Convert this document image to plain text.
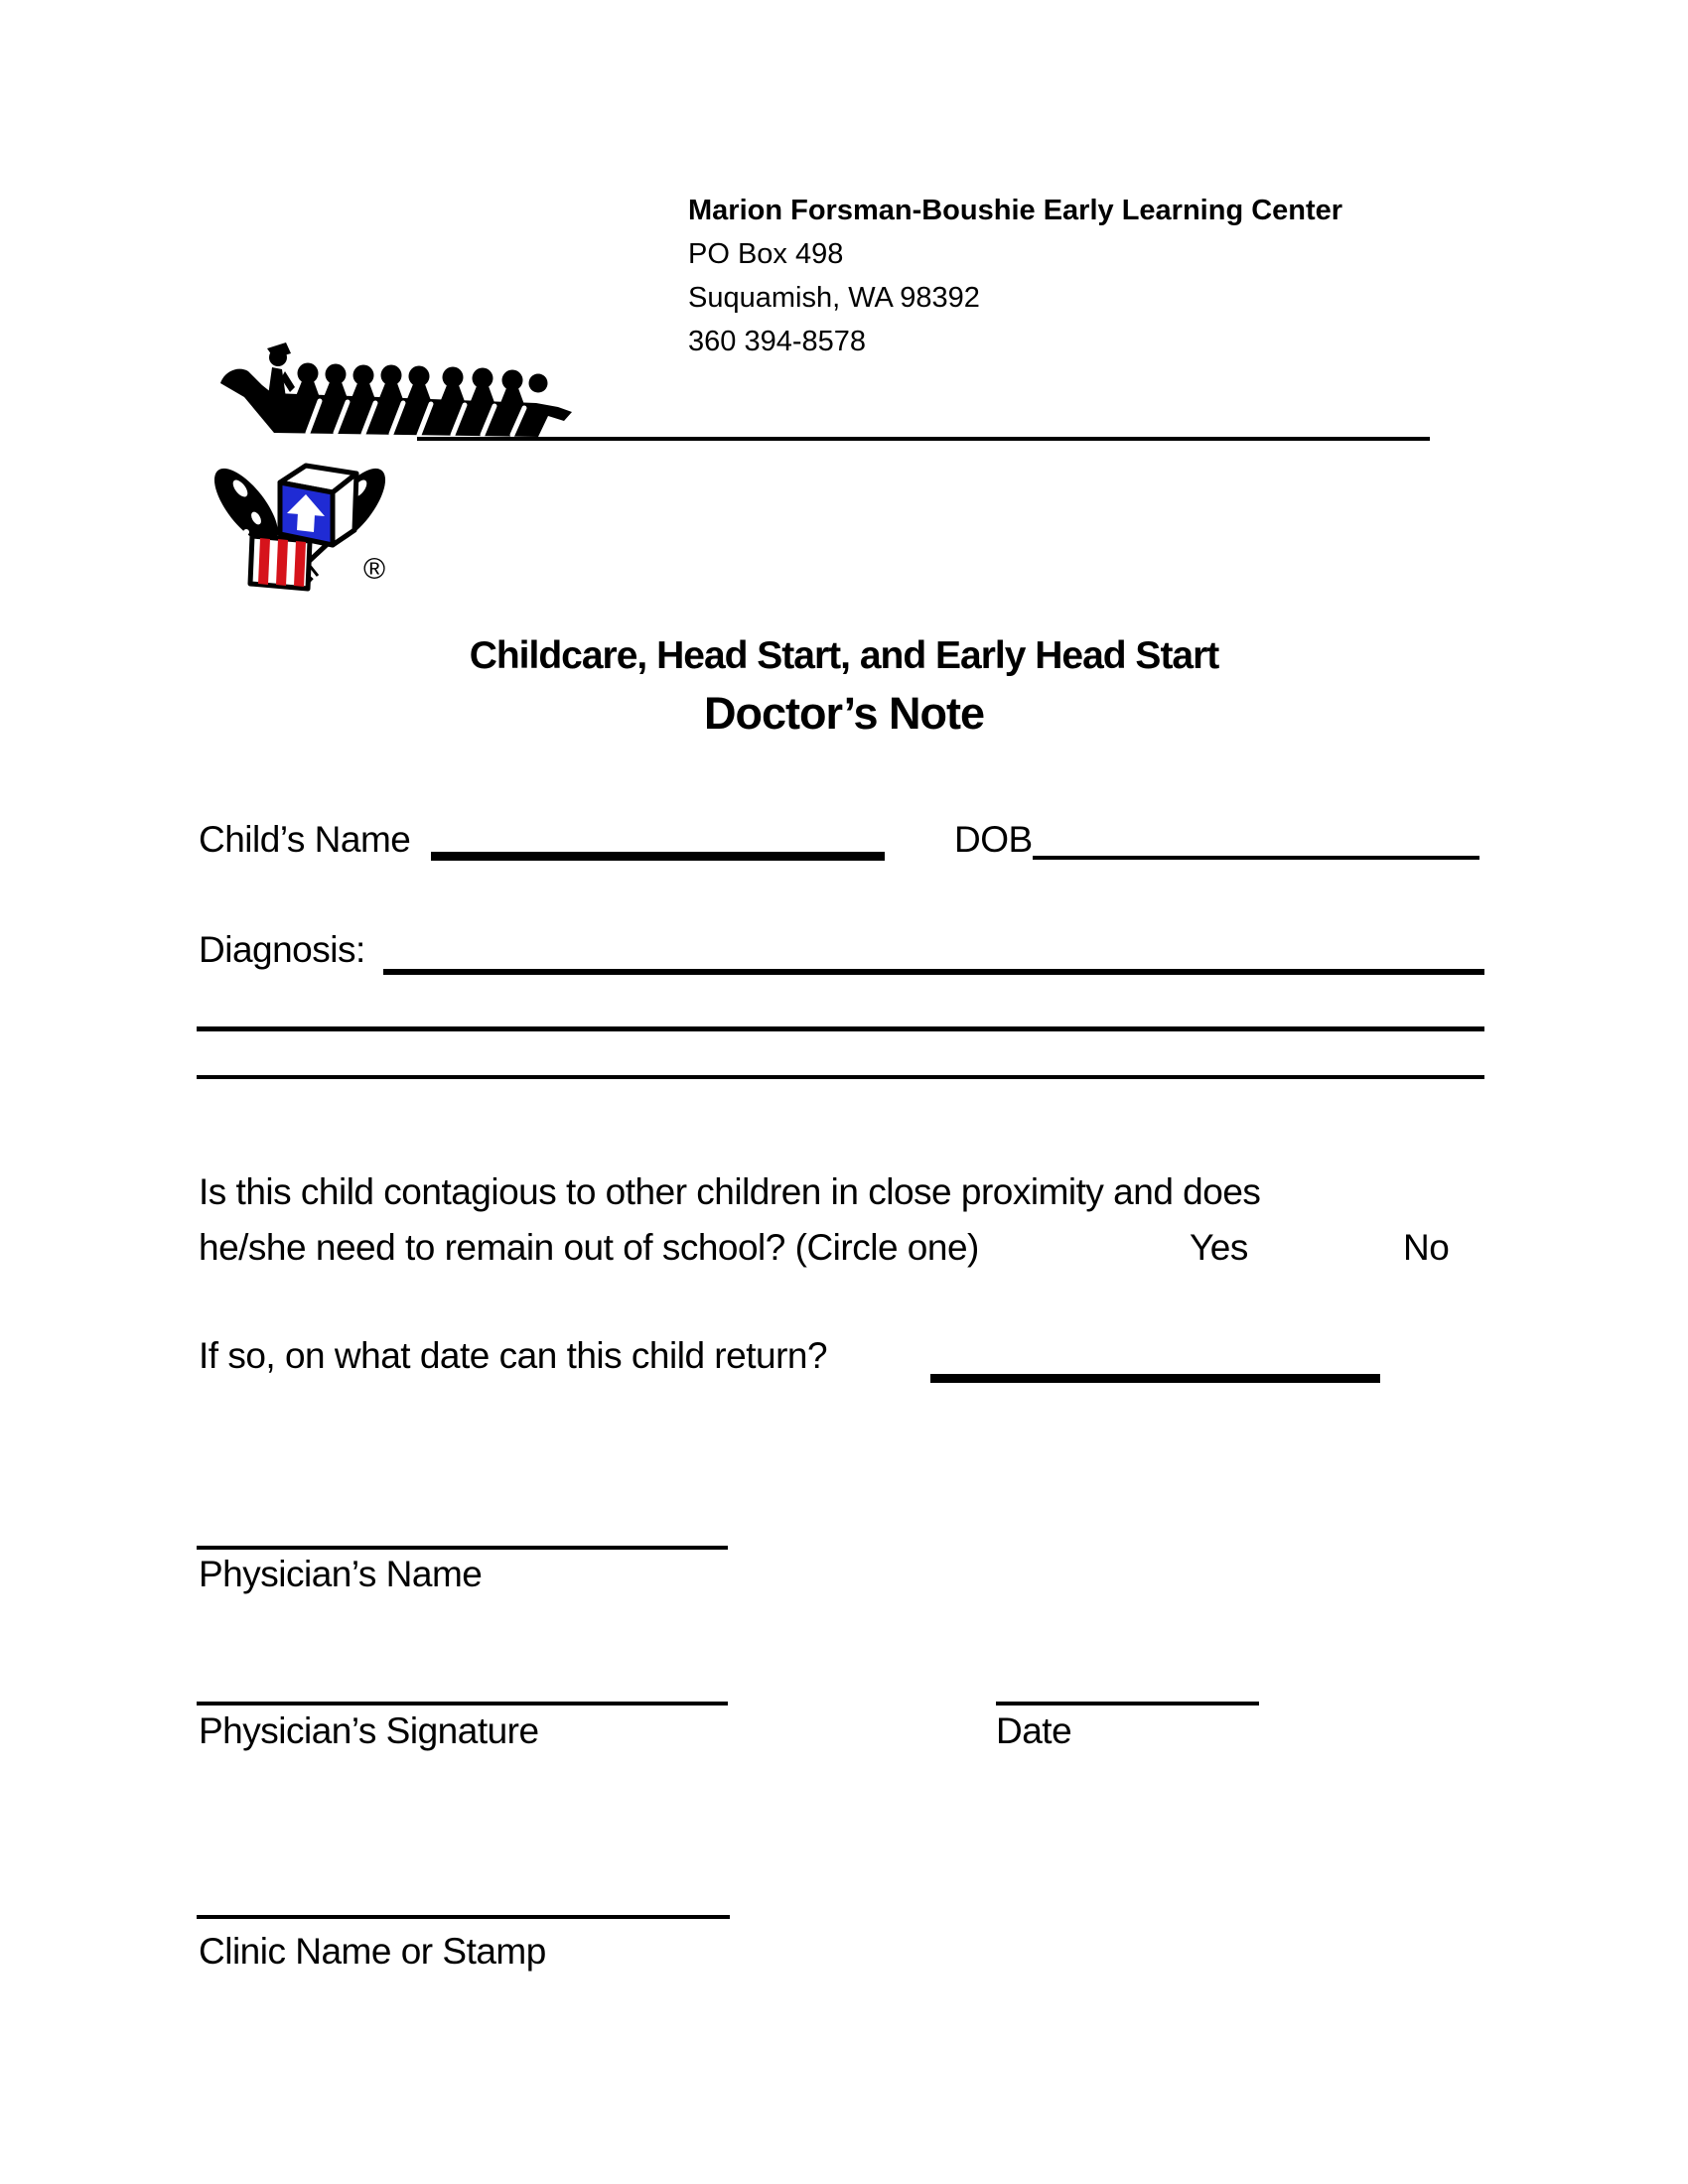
Marion Forsman-Boushie Early Learning Center
PO Box 498
Suquamish, WA 98392
360 394-8578
®
Childcare, Head Start, and Early Head Start
Doctor’s Note
Child’s Name	DOB
Diagnosis:
Is this child contagious to other children in close proximity and does
he/she need to remain out of school? (Circle one)	Yes	No
If so, on what date can this child return?
Physician’s Name
Physician’s Signature	Date
Clinic Name or Stamp
